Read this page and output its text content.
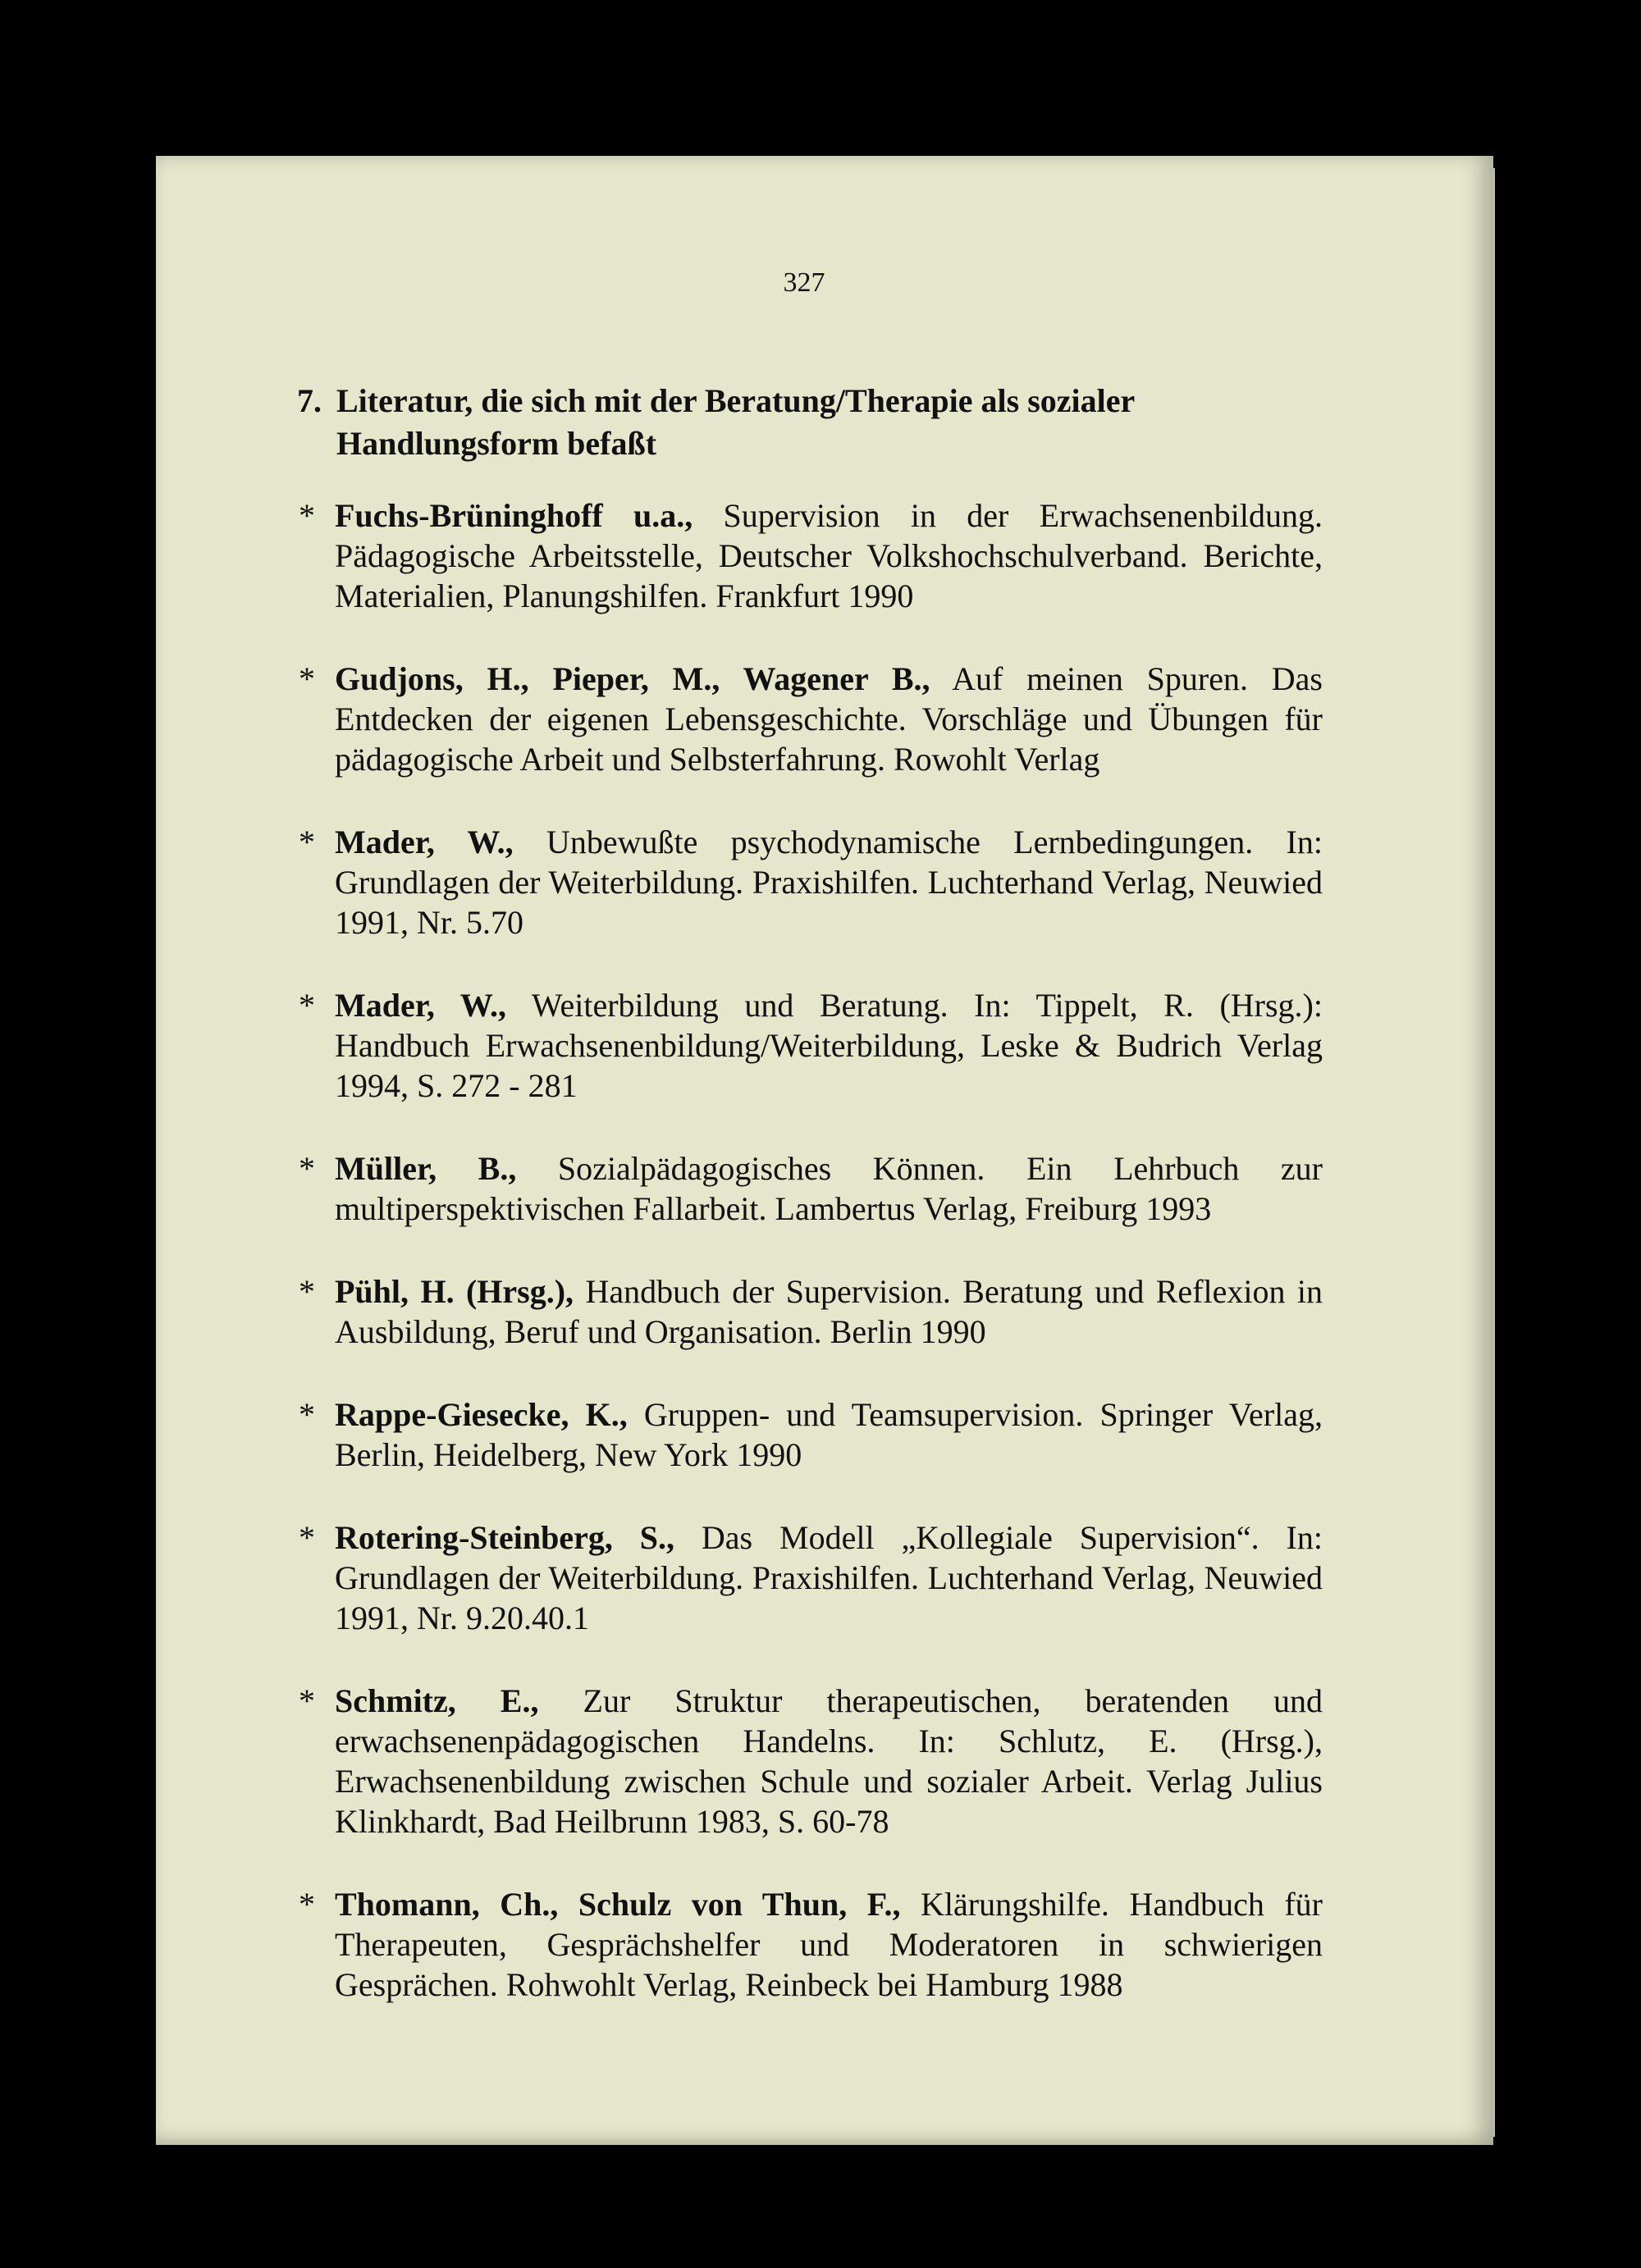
327
7. Literatur, die sich mit der Beratung/Therapie als sozialer Handlungsform befaßt
* Fuchs-Brüninghoff u.a., Supervision in der Erwachsenenbildung. Pädagogische Arbeitsstelle, Deutscher Volkshochschulverband. Berichte, Materialien, Planungshilfen. Frankfurt 1990
* Gudjons, H., Pieper, M., Wagener B., Auf meinen Spuren. Das Entdecken der eigenen Lebensgeschichte. Vorschläge und Übungen für pädagogische Arbeit und Selbsterfahrung. Rowohlt Verlag
* Mader, W., Unbewußte psychodynamische Lernbedingungen. In: Grundlagen der Weiterbildung. Praxishilfen. Luchterhand Verlag, Neuwied 1991, Nr. 5.70
* Mader, W., Weiterbildung und Beratung. In: Tippelt, R. (Hrsg.): Handbuch Erwachsenenbildung/Weiterbildung, Leske & Budrich Verlag 1994, S. 272 - 281
* Müller, B., Sozialpädagogisches Können. Ein Lehrbuch zur multiperspektivischen Fallarbeit. Lambertus Verlag, Freiburg 1993
* Pühl, H. (Hrsg.), Handbuch der Supervision. Beratung und Reflexion in Ausbildung, Beruf und Organisation. Berlin 1990
* Rappe-Giesecke, K., Gruppen- und Teamsupervision. Springer Verlag, Berlin, Heidelberg, New York 1990
* Rotering-Steinberg, S., Das Modell „Kollegiale Supervision“. In: Grundlagen der Weiterbildung. Praxishilfen. Luchterhand Verlag, Neuwied 1991, Nr. 9.20.40.1
* Schmitz, E., Zur Struktur therapeutischen, beratenden und erwachsenenpädagogischen Handelns. In: Schlutz, E. (Hrsg.), Erwachsenenbildung zwischen Schule und sozialer Arbeit. Verlag Julius Klinkhardt, Bad Heilbrunn 1983, S. 60-78
* Thomann, Ch., Schulz von Thun, F., Klärungshilfe. Handbuch für Therapeuten, Gesprächshelfer und Moderatoren in schwierigen Gesprächen. Rohwohlt Verlag, Reinbeck bei Hamburg 1988
